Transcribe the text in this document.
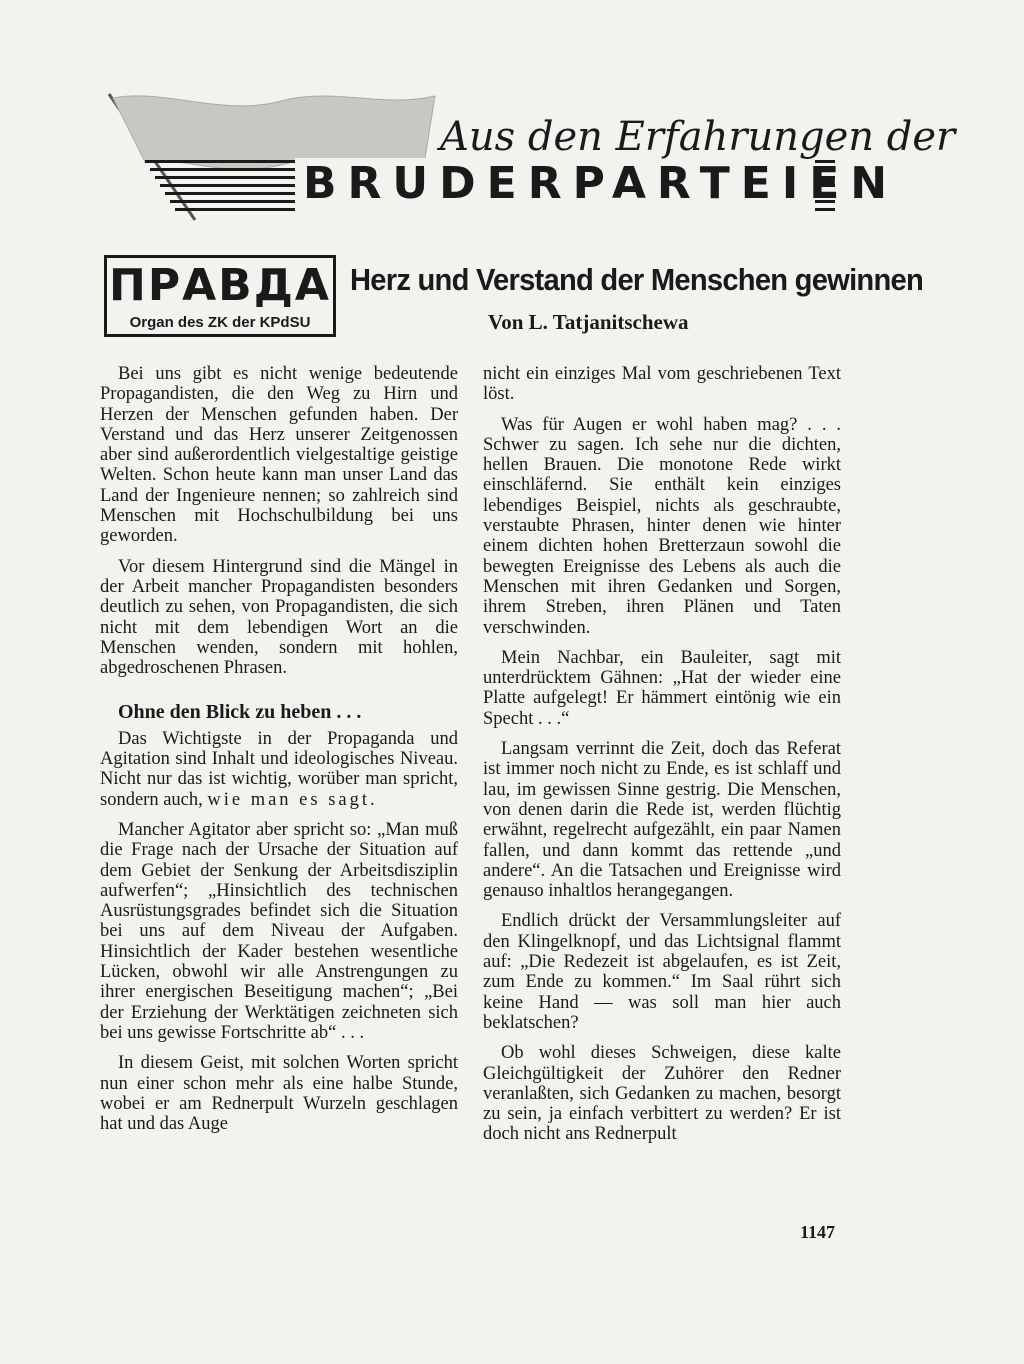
Aus den Erfahrungen der
BRUDERPARTEIEN
ПРАВДА
Organ des ZK der KPdSU
Herz und Verstand der Menschen gewinnen
Von L. Tatjanitschewa

Bei uns gibt es nicht wenige bedeutende Propagandisten, die den Weg zu Hirn und Herzen der Menschen gefunden haben. Der Verstand und das Herz unserer Zeitgenossen aber sind außerordentlich vielgestaltige geistige Welten. Schon heute kann man unser Land das Land der Ingenieure nennen; so zahlreich sind Menschen mit Hochschulbildung bei uns geworden.

Vor diesem Hintergrund sind die Mängel in der Arbeit mancher Propagandisten besonders deutlich zu sehen, von Propagandisten, die sich nicht mit dem lebendigen Wort an die Menschen wenden, sondern mit hohlen, abgedroschenen Phrasen.

Ohne den Blick zu heben . . .

Das Wichtigste in der Propaganda und Agitation sind Inhalt und ideologisches Niveau. Nicht nur das ist wichtig, worüber man spricht, sondern auch, wie man es sagt.

Mancher Agitator aber spricht so: „Man muß die Frage nach der Ursache der Situation auf dem Gebiet der Senkung der Arbeitsdisziplin aufwerfen“; „Hinsichtlich des technischen Ausrüstungsgrades befindet sich die Situation bei uns auf dem Niveau der Aufgaben. Hinsichtlich der Kader bestehen wesentliche Lücken, obwohl wir alle Anstrengungen zu ihrer energischen Beseitigung machen“; „Bei der Erziehung der Werktätigen zeichneten sich bei uns gewisse Fortschritte ab“ . . .

In diesem Geist, mit solchen Worten spricht nun einer schon mehr als eine halbe Stunde, wobei er am Rednerpult Wurzeln geschlagen hat und das Auge

nicht ein einziges Mal vom geschriebenen Text löst.

Was für Augen er wohl haben mag? . . . Schwer zu sagen. Ich sehe nur die dichten, hellen Brauen. Die monotone Rede wirkt einschläfernd. Sie enthält kein einziges lebendiges Beispiel, nichts als geschraubte, verstaubte Phrasen, hinter denen wie hinter einem dichten hohen Bretterzaun sowohl die bewegten Ereignisse des Lebens als auch die Menschen mit ihren Gedanken und Sorgen, ihrem Streben, ihren Plänen und Taten verschwinden.

Mein Nachbar, ein Bauleiter, sagt mit unterdrücktem Gähnen: „Hat der wieder eine Platte aufgelegt! Er hämmert eintönig wie ein Specht . . .“

Langsam verrinnt die Zeit, doch das Referat ist immer noch nicht zu Ende, es ist schlaff und lau, im gewissen Sinne gestrig. Die Menschen, von denen darin die Rede ist, werden flüchtig erwähnt, regelrecht aufgezählt, ein paar Namen fallen, und dann kommt das rettende „und andere“. An die Tatsachen und Ereignisse wird genauso inhaltlos herangegangen.

Endlich drückt der Versammlungsleiter auf den Klingelknopf, und das Lichtsignal flammt auf: „Die Redezeit ist abgelaufen, es ist Zeit, zum Ende zu kommen.“ Im Saal rührt sich keine Hand — was soll man hier auch beklatschen?

Ob wohl dieses Schweigen, diese kalte Gleichgültigkeit der Zuhörer den Redner veranlaßten, sich Gedanken zu machen, besorgt zu sein, ja einfach verbittert zu werden? Er ist doch nicht ans Rednerpult

1147
